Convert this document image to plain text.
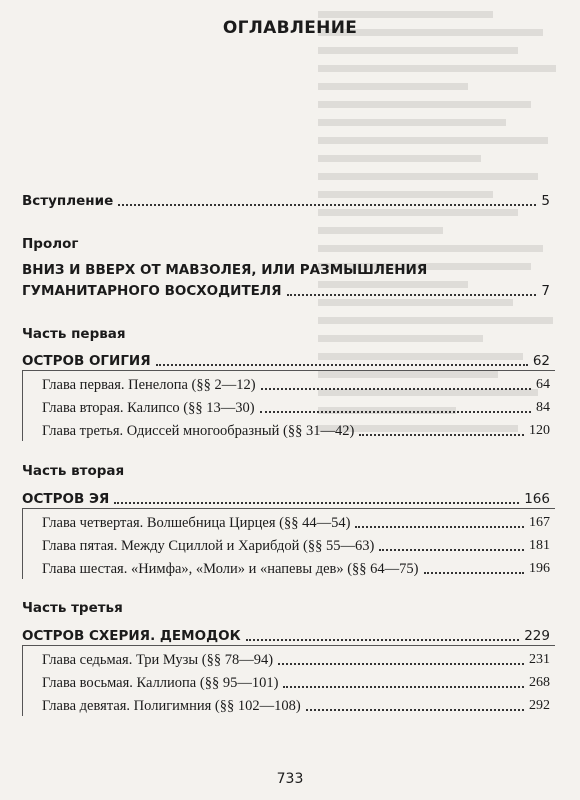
ОГЛАВЛЕНИЕ
Вступление	5
Пролог
ВНИЗ И ВВЕРХ ОТ МАВЗОЛЕЯ, ИЛИ РАЗМЫШЛЕНИЯ
ГУМАНИТАРНОГО ВОСХОДИТЕЛЯ	7
Часть первая
ОСТРОВ ОГИГИЯ	62
Глава первая. Пенелопа (§§ 2—12)	64
Глава вторая. Калипсо (§§ 13—30)	84
Глава третья. Одиссей многообразный (§§ 31—42)	120
Часть вторая
ОСТРОВ ЭЯ	166
Глава четвертая. Волшебница Цирцея (§§ 44—54)	167
Глава пятая. Между Сциллой и Харибдой (§§ 55—63)	181
Глава шестая. «Нимфа», «Моли» и «напевы дев» (§§ 64—75)	196
Часть третья
ОСТРОВ СХЕРИЯ. ДЕМОДОК	229
Глава седьмая. Три Музы (§§ 78—94)	231
Глава восьмая. Каллиопа (§§ 95—101)	268
Глава девятая. Полигимния (§§ 102—108)	292
733
